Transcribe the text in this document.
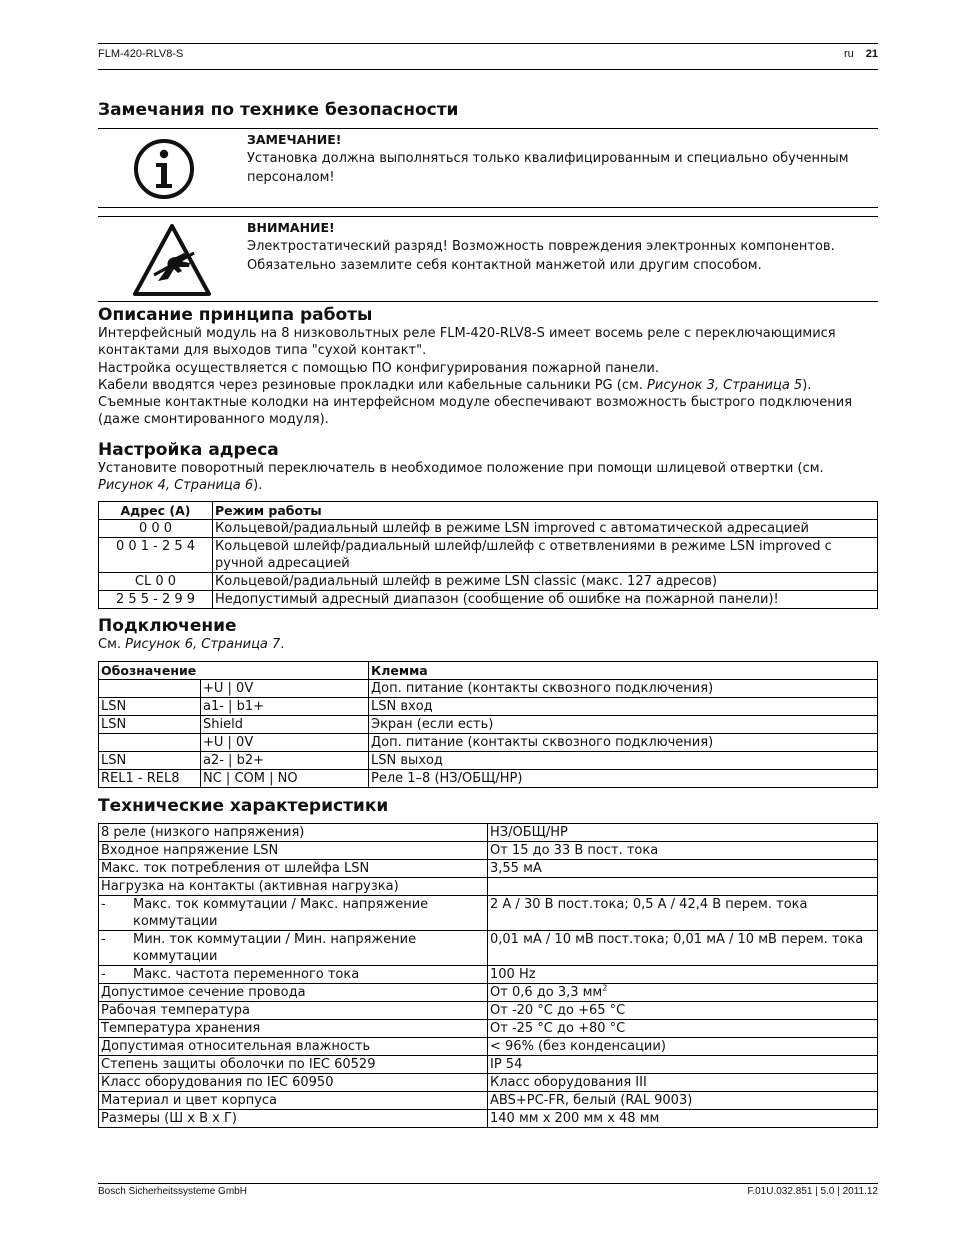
FLM-420-RLV8-S	ru 21
Замечания по технике безопасности
ЗАМЕЧАНИЕ!
Установка должна выполняться только квалифицированным и специально обученным персоналом!
ВНИМАНИЕ!
Электростатический разряд! Возможность повреждения электронных компонентов.
Обязательно заземлите себя контактной манжетой или другим способом.
Описание принципа работы

Интерфейсный модуль на 8 низковольтных реле FLM-420-RLV8-S имеет восемь реле с переключающимися контактами для выходов типа "сухой контакт".

Настройка осуществляется с помощью ПО конфигурирования пожарной панели.

Кабели вводятся через резиновые прокладки или кабельные сальники PG (см. Рисунок 3, Страница 5).

Съемные контактные колодки на интерфейсном модуле обеспечивают возможность быстрого подключения (даже смонтированного модуля).

Настройка адреса

Установите поворотный переключатель в необходимое положение при помощи шлицевой отвертки (см. Рисунок 4, Страница 6).

Адрес (А)	Режим работы
0 0 0	Кольцевой/радиальный шлейф в режиме LSN improved с автоматической адресацией
0 0 1 - 2 5 4	Кольцевой шлейф/радиальный шлейф/шлейф с ответвлениями в режиме LSN improved с ручной адресацией
CL 0 0	Кольцевой/радиальный шлейф в режиме LSN classic (макс. 127 адресов)
2 5 5 - 2 9 9	Недопустимый адресный диапазон (сообщение об ошибке на пожарной панели)!
Подключение

См. Рисунок 6, Страница 7.

Обозначение		Клемма
	+U | 0V	Доп. питание (контакты сквозного подключения)
LSN	a1- | b1+	LSN вход
LSN	Shield	Экран (если есть)
	+U | 0V	Доп. питание (контакты сквозного подключения)
LSN	a2- | b2+	LSN выход
REL1 - REL8	NC | COM | NO	Реле 1–8 (НЗ/ОБЩ/НР)
Технические характеристики
8 реле (низкого напряжения)	НЗ/ОБЩ/НР
Входное напряжение LSN	От 15 до 33 В пост. тока
Макс. ток потребления от шлейфа LSN	3,55 мА
Нагрузка на контакты (активная нагрузка)	

- Макс. ток коммутации / Макс. напряжение коммутации	2 A / 30 В пост.тока; 0,5 A / 42,4 В перем. тока

- Мин. ток коммутации / Мин. напряжение коммутации	0,01 мА / 10 мВ пост.тока; 0,01 мА / 10 мВ перем. тока

- Макс. частота переменного тока	100 Hz
Допустимое сечение провода	От 0,6 до 3,3 $мм^2$
Рабочая температура	От -20 °C до +65 °C
Температура хранения	От -25 °C до +80 °C
Допустимая относительная влажность	< 96% (без конденсации)
Степень защиты оболочки по IEC 60529	IP 54
Класс оборудования по IEC 60950	Класс оборудования III
Материал и цвет корпуса	ABS+PC-FR, белый (RAL 9003)
Размеры (Ш x В x Г)	140 мм x 200 мм x 48 мм
Bosch Sicherheitssysteme GmbH	F.01U.032.851 | 5.0 | 2011.12
